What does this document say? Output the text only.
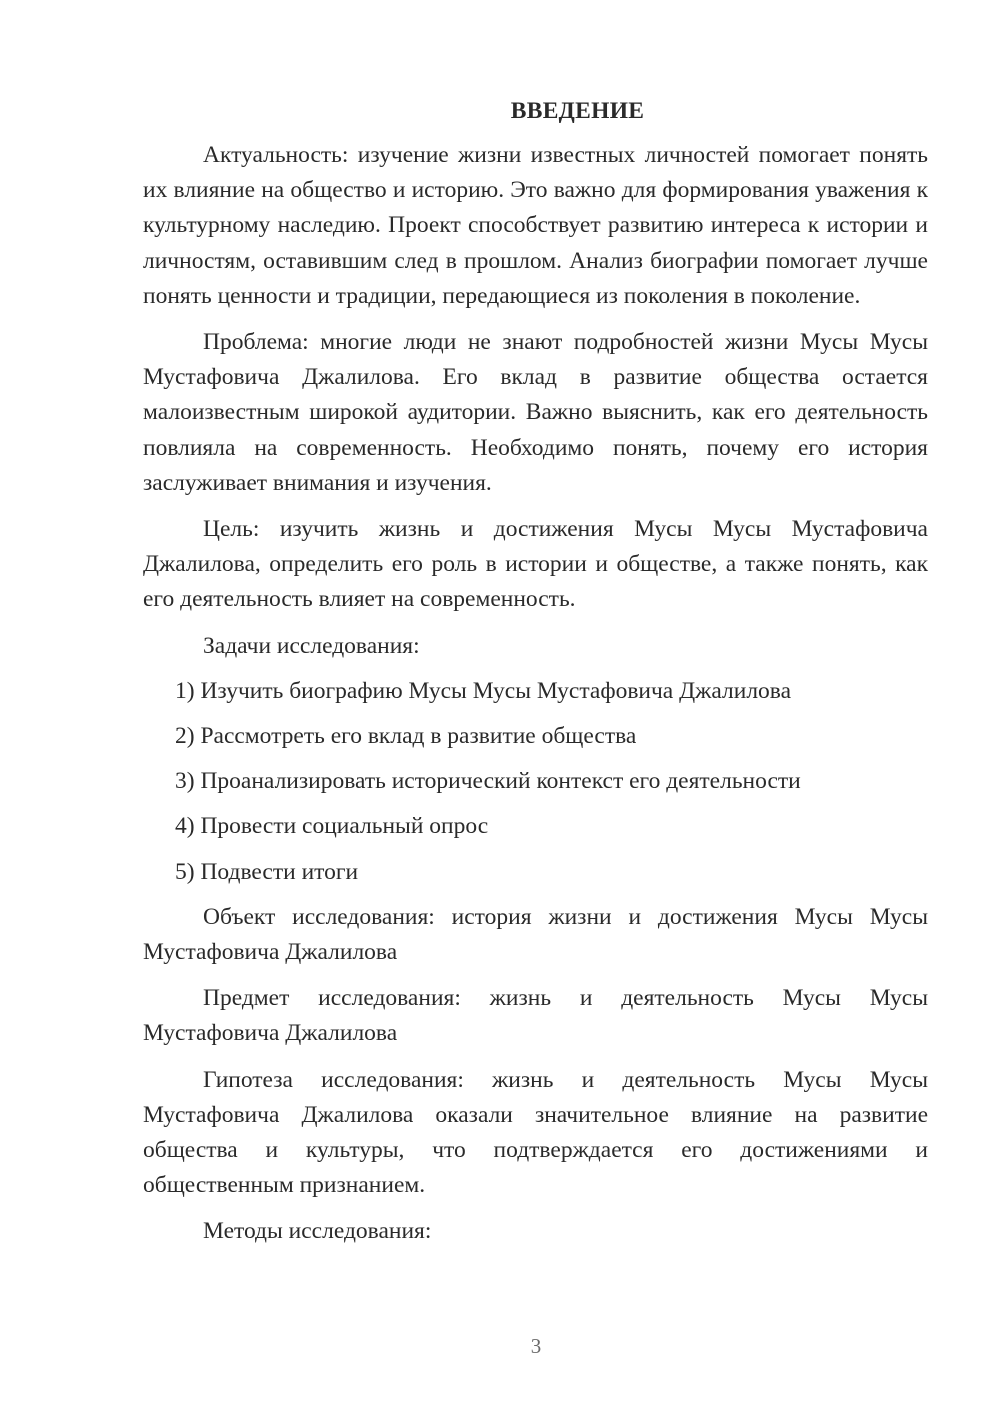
ВВЕДЕНИЕ

Актуальность: изучение жизни известных личностей помогает понять их влияние на общество и историю. Это важно для формирования уважения к культурному наследию. Проект способствует развитию интереса к истории и личностям, оставившим след в прошлом. Анализ биографии помогает лучше понять ценности и традиции, передающиеся из поколения в поколение.

Проблема: многие люди не знают подробностей жизни Мусы Мусы Мустафовича Джалилова. Его вклад в развитие общества остается малоизвестным широкой аудитории. Важно выяснить, как его деятельность повлияла на современность. Необходимо понять, почему его история заслуживает внимания и изучения.

Цель: изучить жизнь и достижения Мусы Мусы Мустафовича Джалилова, определить его роль в истории и обществе, а также понять, как его деятельность влияет на современность.

Задачи исследования:

1) Изучить биографию Мусы Мусы Мустафовича Джалилова

2) Рассмотреть его вклад в развитие общества

3) Проанализировать исторический контекст его деятельности

4) Провести социальный опрос

5) Подвести итоги

Объект исследования: история жизни и достижения Мусы Мусы Мустафовича Джалилова

Предмет исследования: жизнь и деятельность Мусы Мусы Мустафовича Джалилова

Гипотеза исследования: жизнь и деятельность Мусы Мусы Мустафовича Джалилова оказали значительное влияние на развитие общества и культуры, что подтверждается его достижениями и общественным признанием.

Методы исследования:

3
